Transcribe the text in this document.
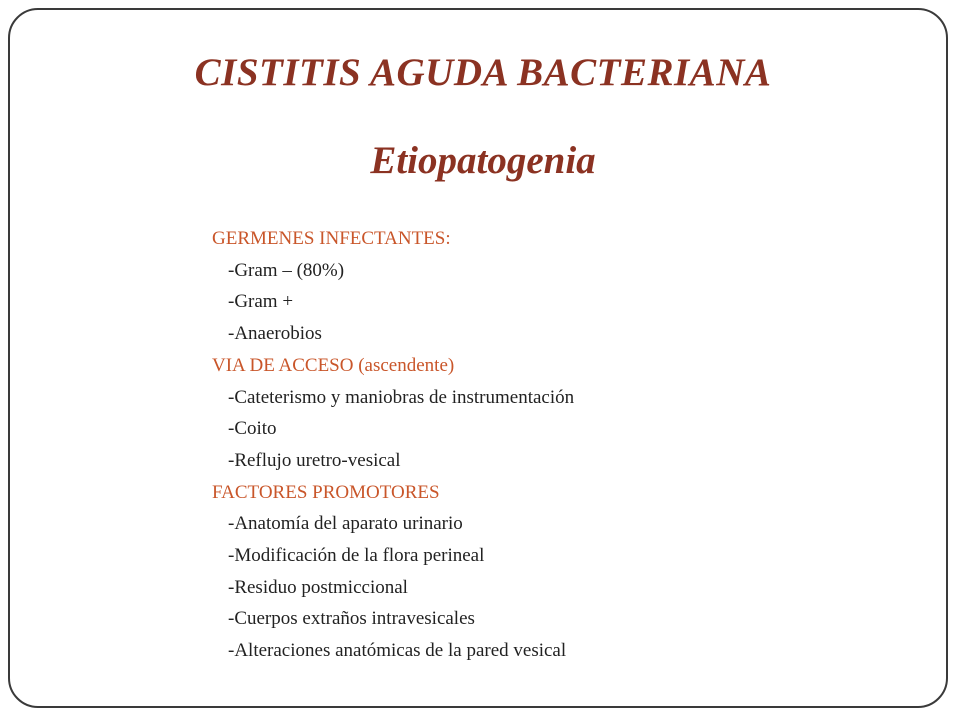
CISTITIS AGUDA BACTERIANA
Etiopatogenia
GERMENES INFECTANTES:
-Gram – (80%)
-Gram +
-Anaerobios
VIA DE ACCESO (ascendente)
-Cateterismo y maniobras de instrumentación
-Coito
-Reflujo uretro-vesical
FACTORES PROMOTORES
-Anatomía del aparato urinario
-Modificación de la flora perineal
-Residuo postmiccional
-Cuerpos extraños intravesicales
-Alteraciones anatómicas de la pared vesical
